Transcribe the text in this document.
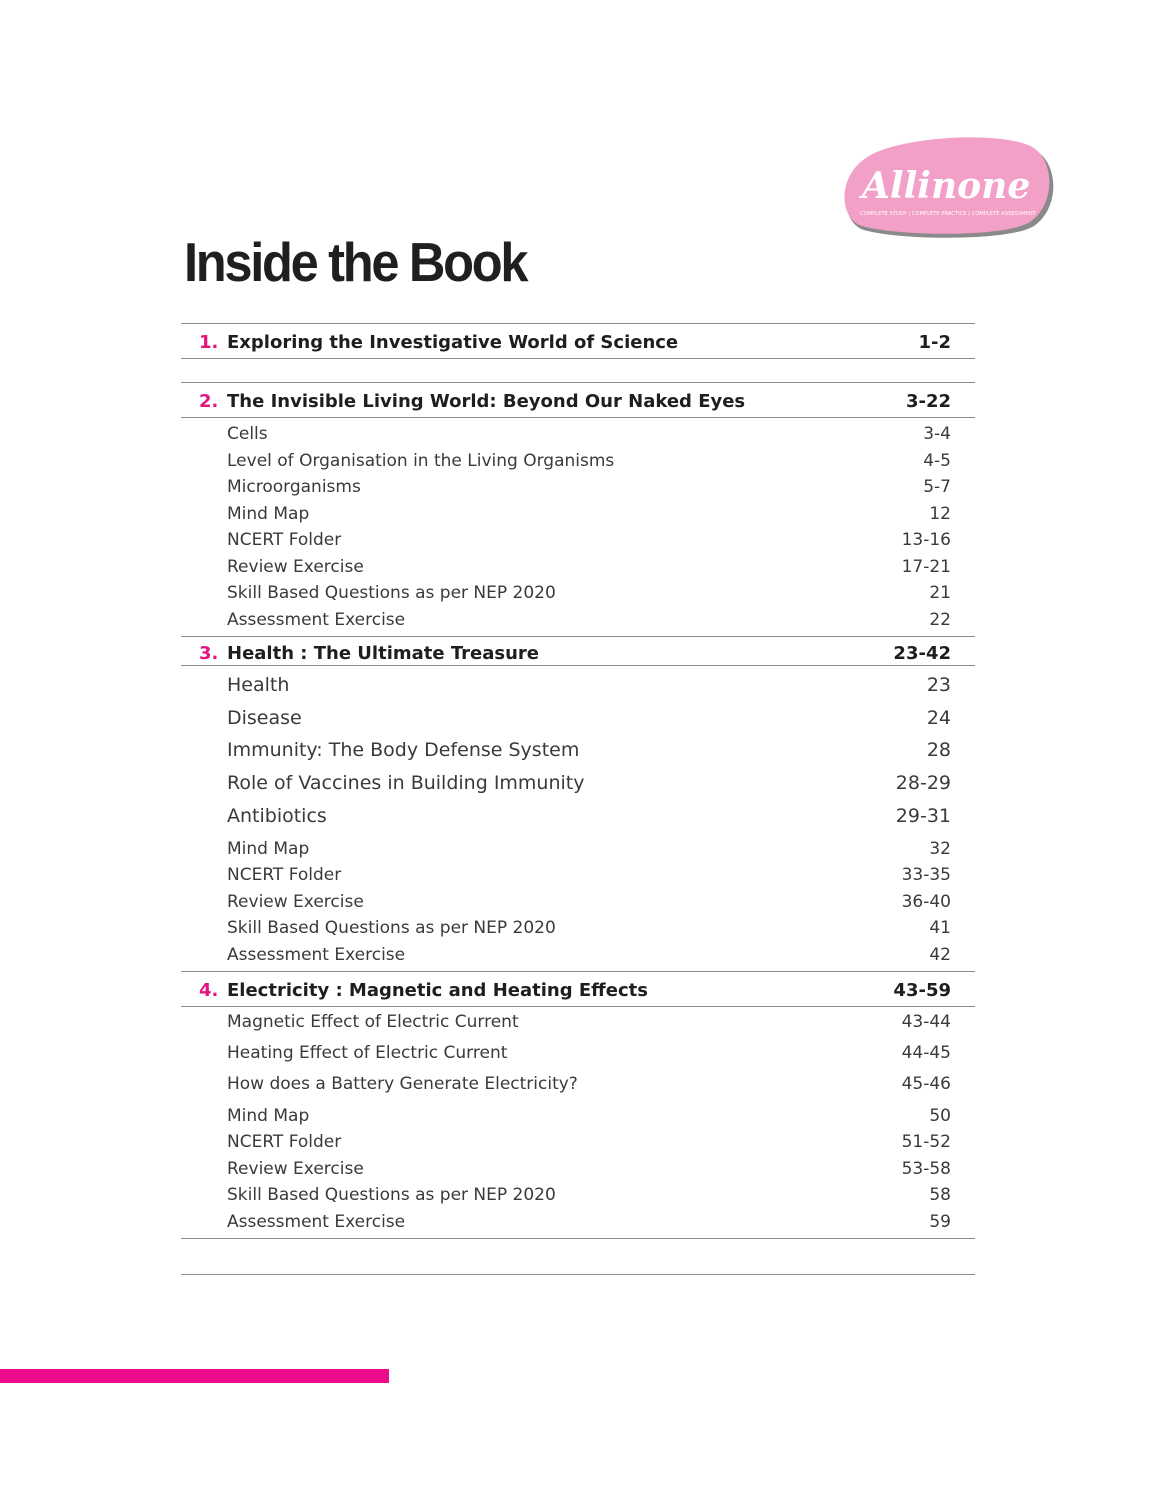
Allinone
COMPLETE STUDY | COMPLETE PRACTICE | COMPLETE ASSESSMENT
Inside the Book
1. Exploring the Investigative World of Science	1-2
2. The Invisible Living World: Beyond Our Naked Eyes	3-22
Cells	3-4
Level of Organisation in the Living Organisms	4-5
Microorganisms	5-7
Mind Map	12
NCERT Folder	13-16
Review Exercise	17-21
Skill Based Questions as per NEP 2020	21
Assessment Exercise	22
3. Health : The Ultimate Treasure	23-42
Health	23
Disease	24
Immunity: The Body Defense System	28
Role of Vaccines in Building Immunity	28-29
Antibiotics	29-31
Mind Map	32
NCERT Folder	33-35
Review Exercise	36-40
Skill Based Questions as per NEP 2020	41
Assessment Exercise	42
4. Electricity : Magnetic and Heating Effects	43-59
Magnetic Effect of Electric Current	43-44
Heating Effect of Electric Current	44-45
How does a Battery Generate Electricity?	45-46
Mind Map	50
NCERT Folder	51-52
Review Exercise	53-58
Skill Based Questions as per NEP 2020	58
Assessment Exercise	59
